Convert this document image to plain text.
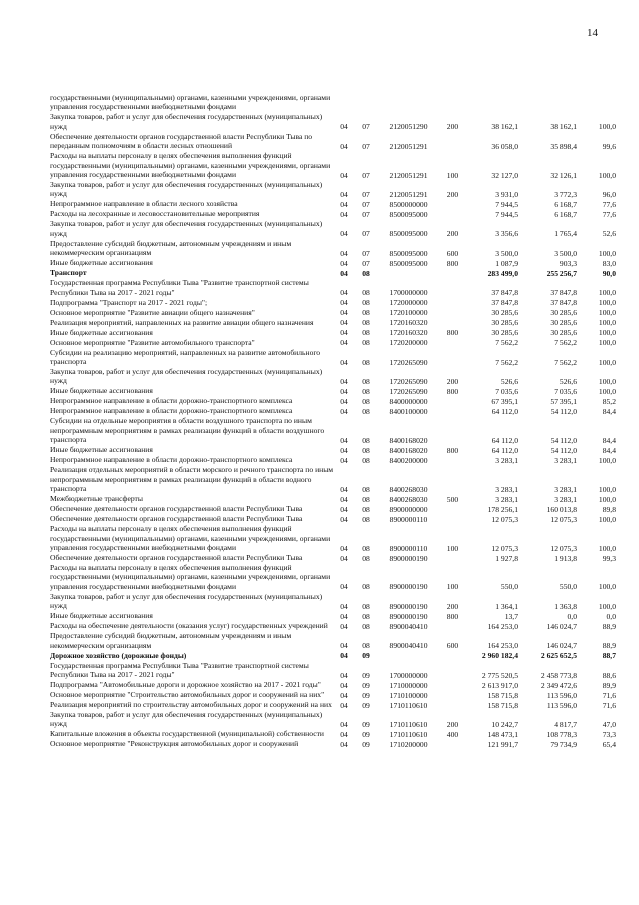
14
государственными (муниципальными) органами, казенными учреждениями, органами управления государственными внебюджетными фондами							
Закупка товаров, работ и услуг для обеспечения государственных (муниципальных) нужд	04	07	2120051290	200	38 162,1	38 162,1	100,0
Обеспечение деятельности органов государственной власти Республики Тыва по переданным полномочиям в области лесных отношений	04	07	2120051291		36 058,0	35 898,4	99,6
Расходы на выплаты персоналу в целях обеспечения выполнения функций государственными (муниципальными) органами, казенными учреждениями, органами управления государственными внебюджетными фондами	04	07	2120051291	100	32 127,0	32 126,1	100,0
Закупка товаров, работ и услуг для обеспечения государственных (муниципальных) нужд	04	07	2120051291	200	3 931,0	3 772,3	96,0
Непрограммное направление в области лесного хозяйства	04	07	8500000000		7 944,5	6 168,7	77,6
Расходы на лесохранные и лесовосстановительные мероприятия	04	07	8500095000		7 944,5	6 168,7	77,6
Закупка товаров, работ и услуг для обеспечения государственных (муниципальных) нужд	04	07	8500095000	200	3 356,6	1 765,4	52,6
Предоставление субсидий бюджетным, автономным учреждениям и иным некоммерческим организациям	04	07	8500095000	600	3 500,0	3 500,0	100,0
Иные бюджетные ассигнования	04	07	8500095000	800	1 087,9	903,3	83,0
Транспорт	04	08			283 499,0	255 256,7	90,0
Государственная программа Республики Тыва "Развитие транспортной системы Республики Тыва на 2017 - 2021 годы"	04	08	1700000000		37 847,8	37 847,8	100,0
Подпрограмма "Транспорт на 2017 - 2021 годы";	04	08	1720000000		37 847,8	37 847,8	100,0
Основное мероприятие "Развитие авиации общего назначения"	04	08	1720100000		30 285,6	30 285,6	100,0
Реализация мероприятий, направленных на развитие авиации общего назначения	04	08	1720160320		30 285,6	30 285,6	100,0
Иные бюджетные ассигнования	04	08	1720160320	800	30 285,6	30 285,6	100,0
Основное мероприятие "Развитие автомобильного транспорта"	04	08	1720200000		7 562,2	7 562,2	100,0
Субсидии на реализацию мероприятий, направленных на развитие автомобильного транспорта	04	08	1720265090		7 562,2	7 562,2	100,0
Закупка товаров, работ и услуг для обеспечения государственных (муниципальных) нужд	04	08	1720265090	200	526,6	526,6	100,0
Иные бюджетные ассигнования	04	08	1720265090	800	7 035,6	7 035,6	100,0
Непрограммное направление в области дорожно-транспортного комплекса	04	08	8400000000		67 395,1	57 395,1	85,2
Непрограммное направление в области дорожно-транспортного комплекса	04	08	8400100000		64 112,0	54 112,0	84,4
Субсидии на отдельные мероприятия в области воздушного транспорта по иным непрограммным мероприятиям в рамках реализации функций в области воздушного транспорта	04	08	8400168020		64 112,0	54 112,0	84,4
Иные бюджетные ассигнования	04	08	8400168020	800	64 112,0	54 112,0	84,4
Непрограммное направление в области дорожно-транспортного комплекса	04	08	8400200000		3 283,1	3 283,1	100,0
Реализация отдельных мероприятий в области морского и речного транспорта по иным непрограммным мероприятиям в рамках реализации функций в области водного транспорта	04	08	8400268030		3 283,1	3 283,1	100,0
Межбюджетные трансферты	04	08	8400268030	500	3 283,1	3 283,1	100,0
Обеспечение деятельности органов государственной власти Республики Тыва	04	08	8900000000		178 256,1	160 013,8	89,8
Обеспечение деятельности органов государственной власти Республики Тыва	04	08	8900000110		12 075,3	12 075,3	100,0
Расходы на выплаты персоналу в целях обеспечения выполнения функций государственными (муниципальными) органами, казенными учреждениями, органами управления государственными внебюджетными фондами	04	08	8900000110	100	12 075,3	12 075,3	100,0
Обеспечение деятельности органов государственной власти Республики Тыва	04	08	8900000190		1 927,8	1 913,8	99,3
Расходы на выплаты персоналу в целях обеспечения выполнения функций государственными (муниципальными) органами, казенными учреждениями, органами управления государственными внебюджетными фондами	04	08	8900000190	100	550,0	550,0	100,0
Закупка товаров, работ и услуг для обеспечения государственных (муниципальных) нужд	04	08	8900000190	200	1 364,1	1 363,8	100,0
Иные бюджетные ассигнования	04	08	8900000190	800	13,7	0,0	0,0
Расходы на обеспечение деятельности (оказания услуг) государственных учреждений	04	08	8900040410		164 253,0	146 024,7	88,9
Предоставление субсидий бюджетным, автономным учреждениям и иным некоммерческим организациям	04	08	8900040410	600	164 253,0	146 024,7	88,9
Дорожное хозяйство (дорожные фонды)	04	09			2 960 182,4	2 625 652,5	88,7
Государственная программа Республики Тыва "Развитие транспортной системы Республики Тыва на 2017 - 2021 годы"	04	09	1700000000		2 775 520,5	2 458 773,8	88,6
Подпрограмма "Автомобильные дороги и дорожное хозяйство на 2017 - 2021 годы"	04	09	1710000000		2 613 917,0	2 349 472,6	89,9
Основное мероприятие "Строительство автомобильных дорог и сооружений на них"	04	09	1710100000		158 715,8	113 596,0	71,6
Реализация мероприятий по строительству автомобильных дорог и сооружений на них	04	09	1710110610		158 715,8	113 596,0	71,6
Закупка товаров, работ и услуг для обеспечения государственных (муниципальных) нужд	04	09	1710110610	200	10 242,7	4 817,7	47,0
Капитальные вложения в объекты государственной (муниципальной) собственности	04	09	1710110610	400	148 473,1	108 778,3	73,3
Основное мероприятие "Реконструкция автомобильных дорог и сооружений	04	09	1710200000		121 991,7	79 734,9	65,4
